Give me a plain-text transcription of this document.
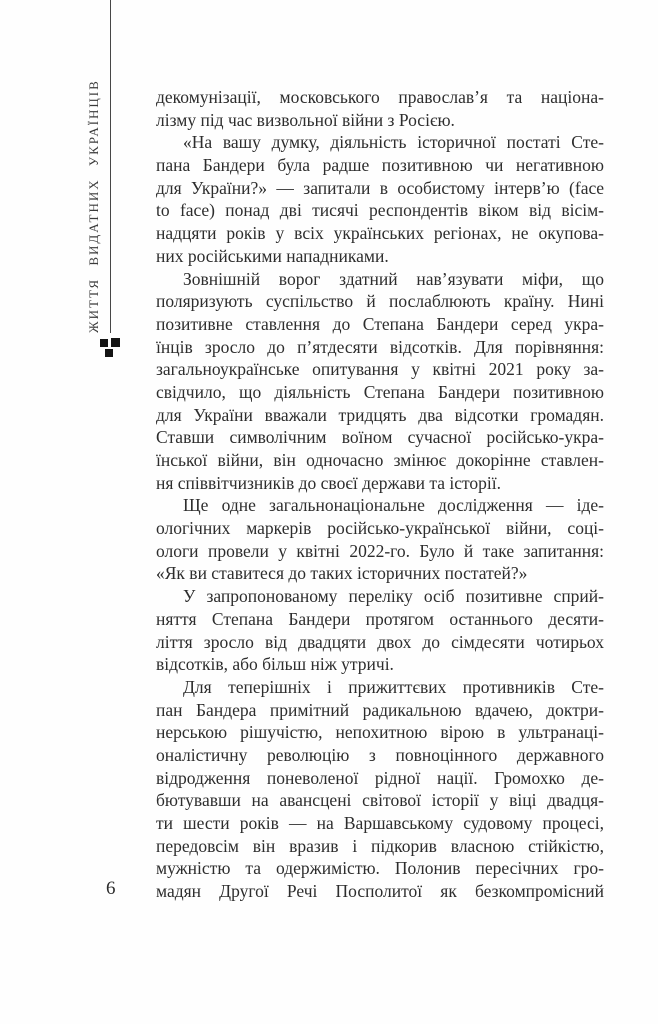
ЖИТТЯ ВИДАТНИХ УКРАЇНЦІВ
6
декомунізації, московського православ’я та націона-
лізму під час визвольної війни з Росією.
«На вашу думку, діяльність історичної постаті Сте-
пана Бандери була радше позитивною чи негативною
для України?» — запитали в особистому інтерв’ю (face
to face) понад дві тисячі респондентів віком від вісім-
надцяти років у всіх українських регіонах, не окупова-
них російськими нападниками.
Зовнішній ворог здатний нав’язувати міфи, що
поляризують суспільство й послаблюють країну. Нині
позитивне ставлення до Степана Бандери серед укра-
їнців зросло до п’ятдесяти відсотків. Для порівняння:
загальноукраїнське опитування у квітні 2021 року за-
свідчило, що діяльність Степана Бандери позитивною
для України вважали тридцять два відсотки громадян.
Ставши символічним воїном сучасної російсько-укра-
їнської війни, він одночасно змінює докорінне ставлен-
ня співвітчизників до своєї держави та історії.
Ще одне загальнонаціональне дослідження — іде-
ологічних маркерів російсько-української війни, соці-
ологи провели у квітні 2022-го. Було й таке запитання:
«Як ви ставитеся до таких історичних постатей?»
У запропонованому переліку осіб позитивне сприй-
няття Степана Бандери протягом останнього десяти-
ліття зросло від двадцяти двох до сімдесяти чотирьох
відсотків, або більш ніж утричі.
Для теперішніх і прижиттєвих противників Сте-
пан Бандера примітний радикальною вдачею, доктри-
нерською рішучістю, непохитною вірою в ультранаці-
оналістичну революцію з повноцінного державного
відродження поневоленої рідної нації. Громохко де-
бютувавши на авансцені світової історії у віці двадця-
ти шести років — на Варшавському судовому процесі,
передовсім він вразив і підкорив власною стійкістю,
мужністю та одержимістю. Полонив пересічних гро-
мадян Другої Речі Посполитої як безкомпромісний
